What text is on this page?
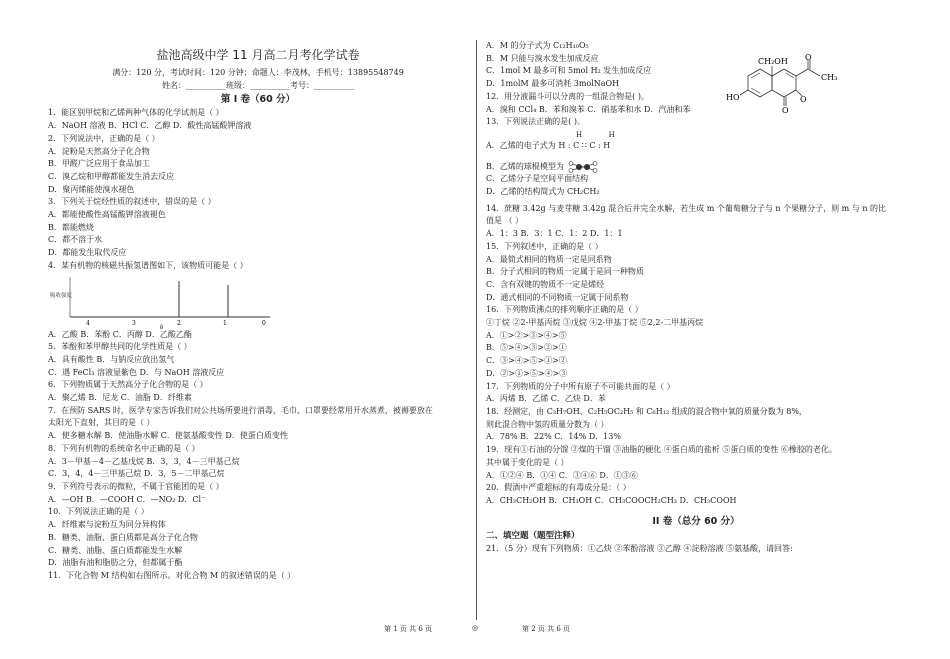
盐池高级中学 11 月高二月考化学试卷
满分：120 分，考试时间：120 分钟；命题人：李茂林，手机号：13895548749
姓名：__________班级：__________考号：__________
第 I 卷（60 分）
1．能区别甲烷和乙烯两种气体的化学试剂是（ ）
A．NaOH 溶液 B．HCl C．乙醇 D．酸性高锰酸钾溶液
2．下列说法中，正确的是（ ）
A．淀粉是天然高分子化合物
B．甲醛广泛应用于食品加工
C．溴乙烷和甲醇都能发生消去反应
D．聚丙烯能使溴水褪色
3．下列关于烷烃性质的叙述中，错误的是（ ）
A．都能使酸性高锰酸钾溶液褪色
B．都能燃烧
C．都不溶于水
D．都能发生取代反应
4．某有机物的核磁共振氢谱图如下，该物质可能是（ ）
吸收强度
4	3	2	1	0
δ
A．乙酸 B．苯酚 C．丙醇 D．乙酸乙酯
5．苯酚和苯甲醇共同的化学性质是（ ）
A．具有酸性 B．与钠反应放出氢气
C．遇 FeCl₃ 溶液显紫色 D．与 NaOH 溶液反应
6．下列物质属于天然高分子化合物的是（ ）
A．聚乙烯 B．尼龙 C．油脂 D．纤维素
7．在预防 SARS 时，医学专家告诉我们对公共场所要进行消毒，毛巾、口罩要经常用开水蒸煮，被褥要放在
太阳光下直射，其目的是（ ）
A．使多糖水解 B．使油脂水解 C．使氨基酸变性 D．使蛋白质变性
8．下列有机物的系统命名中正确的是（ ）
A．3－甲基－4－乙基戊烷 B．3，3，4－三甲基己烷
C．3，4，4－三甲基己烷 D．3，5－二甲基己烷
9．下列符号表示的微粒，不属于官能团的是（ ）
A．—OH B．—COOH C．—NO₂ D．Cl⁻
10．下列说法正确的是（ ）
A．纤维素与淀粉互为同分异构体
B．糖类、油脂、蛋白质都是高分子化合物
C．糖类、油脂、蛋白质都能发生水解
D．油脂有油和脂肪之分，但都属于酯
11．下化合物 M 结构如右图所示。对化合物 M 的叙述错误的是（ ）
A．M 的分子式为 C₁₂H₁₀O₅
B．M 只能与溴水发生加成反应
C．1mol M 最多可和 5mol H₂ 发生加成反应
D．1molM 最多可消耗 3molNaOH
12．用分液漏斗可以分离的一组混合物是( )。
A．溴和 CCl₄ B．苯和溴苯 C．硝基苯和水 D．汽油和苯
13．下列说法正确的是( )。
H	H
A．乙烯的电子式为 H : C ∷ C : H
B．乙烯的球棍模型为
C．乙烯分子是空间平面结构
D．乙烯的结构简式为 CH₂CH₂
14．蔗糖 3.42g 与麦芽糖 3.42g 混合后并完全水解，若生成 m 个葡萄糖分子与 n 个果糖分子，则 m 与 n 的比
值是 （ ）
A．1：3 B．3：1 C．1：2 D．1：1
15．下列叙述中，正确的是（ ）
A．最简式相同的物质一定是同系物
B．分子式相同的物质一定属于是同一种物质
C．含有双键的物质不一定是烯烃
D．通式相同的不同物质一定属于同系物
16．下列物质沸点的排列顺序正确的是（ ）
①丁烷 ②2-甲基丙烷 ③戊烷 ④2-甲基丁烷 ⑤2,2-二甲基丙烷
A．①>②>③>④>⑤
B．⑤>④>③>②>①
C．③>④>⑤>①>②
D．②>①>⑤>④>③
17．下列物质的分子中所有原子不可能共面的是（ ）
A．丙烯 B．乙烯 C．乙炔 D．苯
18．经测定，由 C₃H₇OH、C₂H₅OC₂H₅ 和 C₆H₁₂ 组成的混合物中氧的质量分数为 8%，
则此混合物中氢的质量分数为（ ）
A．78% B．22% C．14% D．13%
19．现有①石油的分馏 ②煤的干馏 ③油脂的硬化 ④蛋白质的盐析 ⑤蛋白质的变性 ⑥橡胶的老化。
其中属于变化的是（ ）
A．①②④ B．①④ C．③④⑥ D．①③⑥
20．假酒中严重超标的有毒成分是：（ ）
A．CH₃CH₂OH B．CH₃OH C．CH₃COOCH₂CH₃ D．CH₃COOH
II 卷（总分 60 分）
二、填空题（题型注释）
21．（5 分）现有下列物质：①乙炔 ②苯酚溶液 ③乙醇 ④淀粉溶液 ⑤氨基酸，请回答:
CH₂OH
CH₃
HO
O
O
O
第 1 页 共 6 页	◎	第 2 页 共 6 页
